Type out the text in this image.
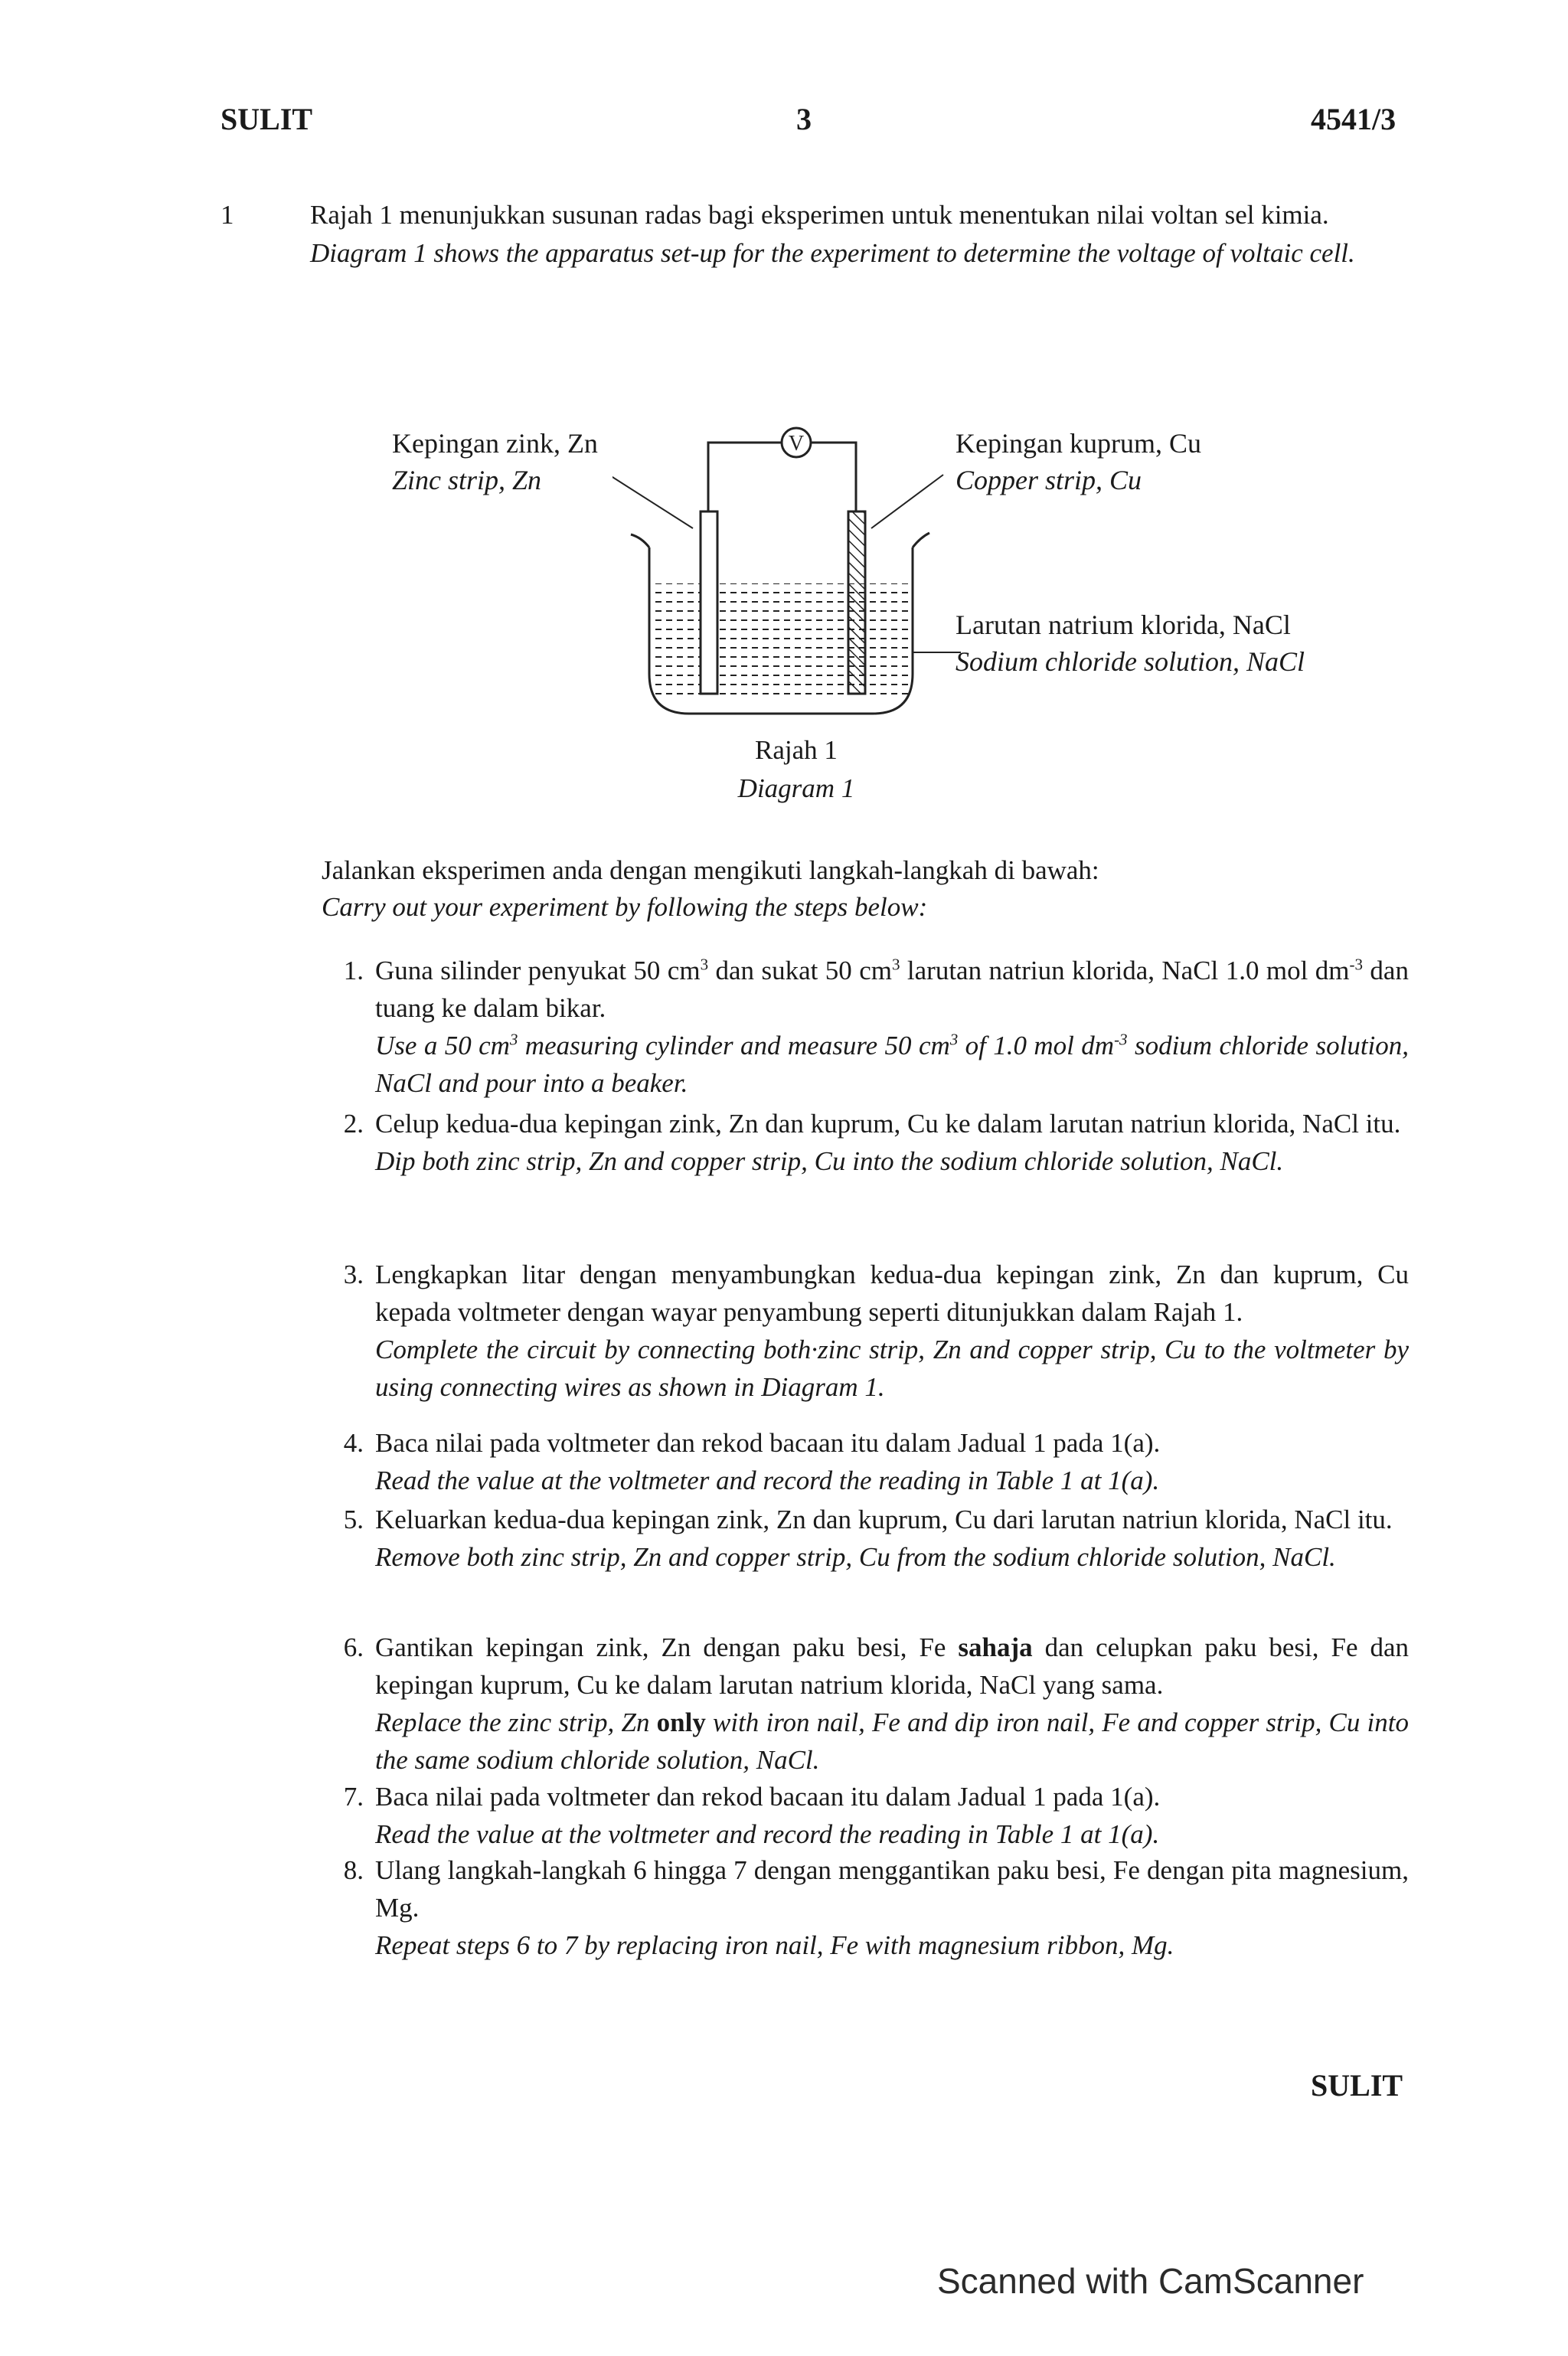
SULIT	3	4541/3
1	Rajah 1 menunjukkan susunan radas bagi eksperimen untuk menentukan nilai voltan sel kimia.
Diagram 1 shows the apparatus set-up for the experiment to determine the voltage of voltaic cell.
Kepingan zink, Zn
Zinc strip, Zn
Kepingan kuprum, Cu
Copper strip, Cu
Larutan natrium klorida, NaCl
Sodium chloride solution, NaCl
V
Rajah 1
Diagram 1
Jalankan eksperimen anda dengan mengikuti langkah-langkah di bawah:
Carry out your experiment by following the steps below:
1. Guna silinder penyukat 50 $cm^3$ dan sukat 50 $cm^3$ larutan natriun klorida, NaCl 1.0 mol $dm^{-3}$ dan tuang ke dalam bikar.
Use a 50 $cm^3$ measuring cylinder and measure 50 $cm^3$ of 1.0 mol $dm^{-3}$ sodium chloride solution, NaCl and pour into a beaker.
2. Celup kedua-dua kepingan zink, Zn dan kuprum, Cu ke dalam larutan natriun klorida, NaCl itu.
Dip both zinc strip, Zn and copper strip, Cu into the sodium chloride solution, NaCl.
3. Lengkapkan litar dengan menyambungkan kedua-dua kepingan zink, Zn dan kuprum, Cu kepada voltmeter dengan wayar penyambung seperti ditunjukkan dalam Rajah 1.
Complete the circuit by connecting both·zinc strip, Zn and copper strip, Cu to the voltmeter by using connecting wires as shown in Diagram 1.
4. Baca nilai pada voltmeter dan rekod bacaan itu dalam Jadual 1 pada 1(a).
Read the value at the voltmeter and record the reading in Table 1 at 1(a).
5. Keluarkan kedua-dua kepingan zink, Zn dan kuprum, Cu dari larutan natriun klorida, NaCl itu.
Remove both zinc strip, Zn and copper strip, Cu from the sodium chloride solution, NaCl.
6. Gantikan kepingan zink, Zn dengan paku besi, Fe sahaja dan celupkan paku besi, Fe dan kepingan kuprum, Cu ke dalam larutan natrium klorida, NaCl yang sama.
Replace the zinc strip, Zn only with iron nail, Fe and dip iron nail, Fe and copper strip, Cu into the same sodium chloride solution, NaCl.
7. Baca nilai pada voltmeter dan rekod bacaan itu dalam Jadual 1 pada 1(a).
Read the value at the voltmeter and record the reading in Table 1 at 1(a).
8. Ulang langkah-langkah 6 hingga 7 dengan menggantikan paku besi, Fe dengan pita magnesium, Mg.
Repeat steps 6 to 7 by replacing iron nail, Fe with magnesium ribbon, Mg.
SULIT
Scanned with CamScanner
